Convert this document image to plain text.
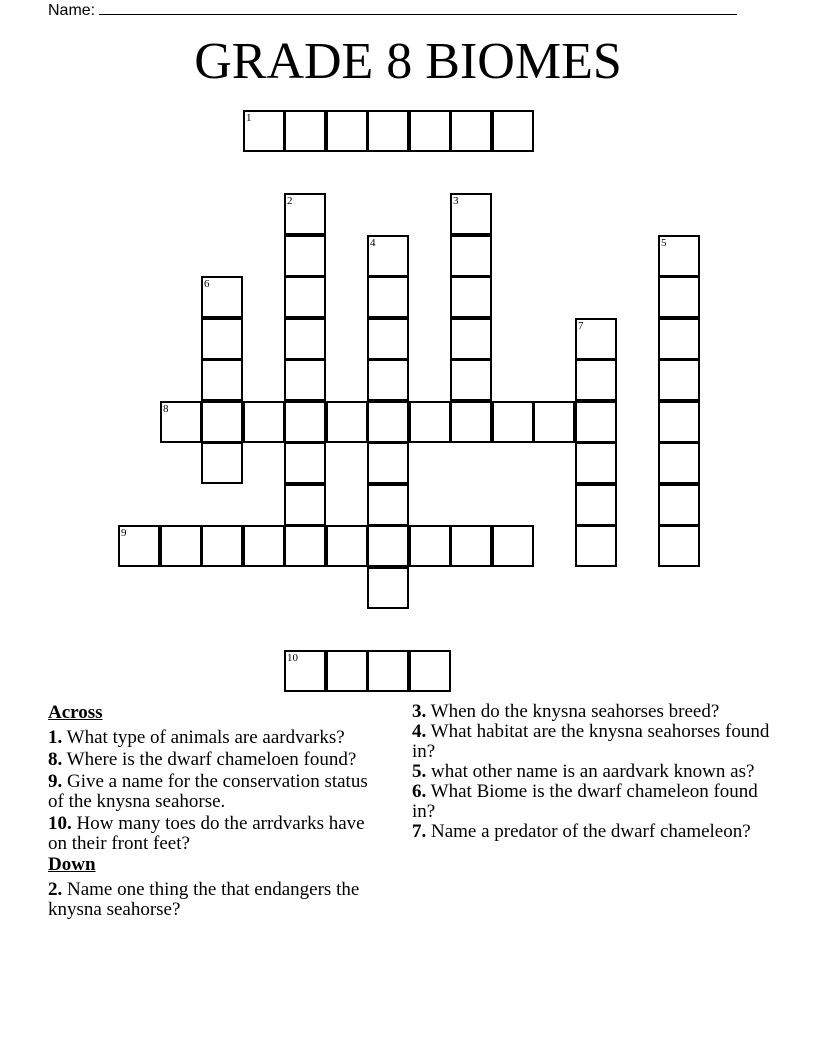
Name:
GRADE 8 BIOMES
1
2	3
4	5
6
7
8
9
10
Across
1. What type of animals are aardvarks?
8. Where is the dwarf chameloen found?
9. Give a name for the conservation status of the knysna seahorse.
10. How many toes do the arrdvarks have on their front feet?
Down
2. Name one thing the that endangers the knysna seahorse?
3. When do the knysna seahorses breed?
4. What habitat are the knysna seahorses found in?
5. what other name is an aardvark known as?
6. What Biome is the dwarf chameleon found in?
7. Name a predator of the dwarf chameleon?
